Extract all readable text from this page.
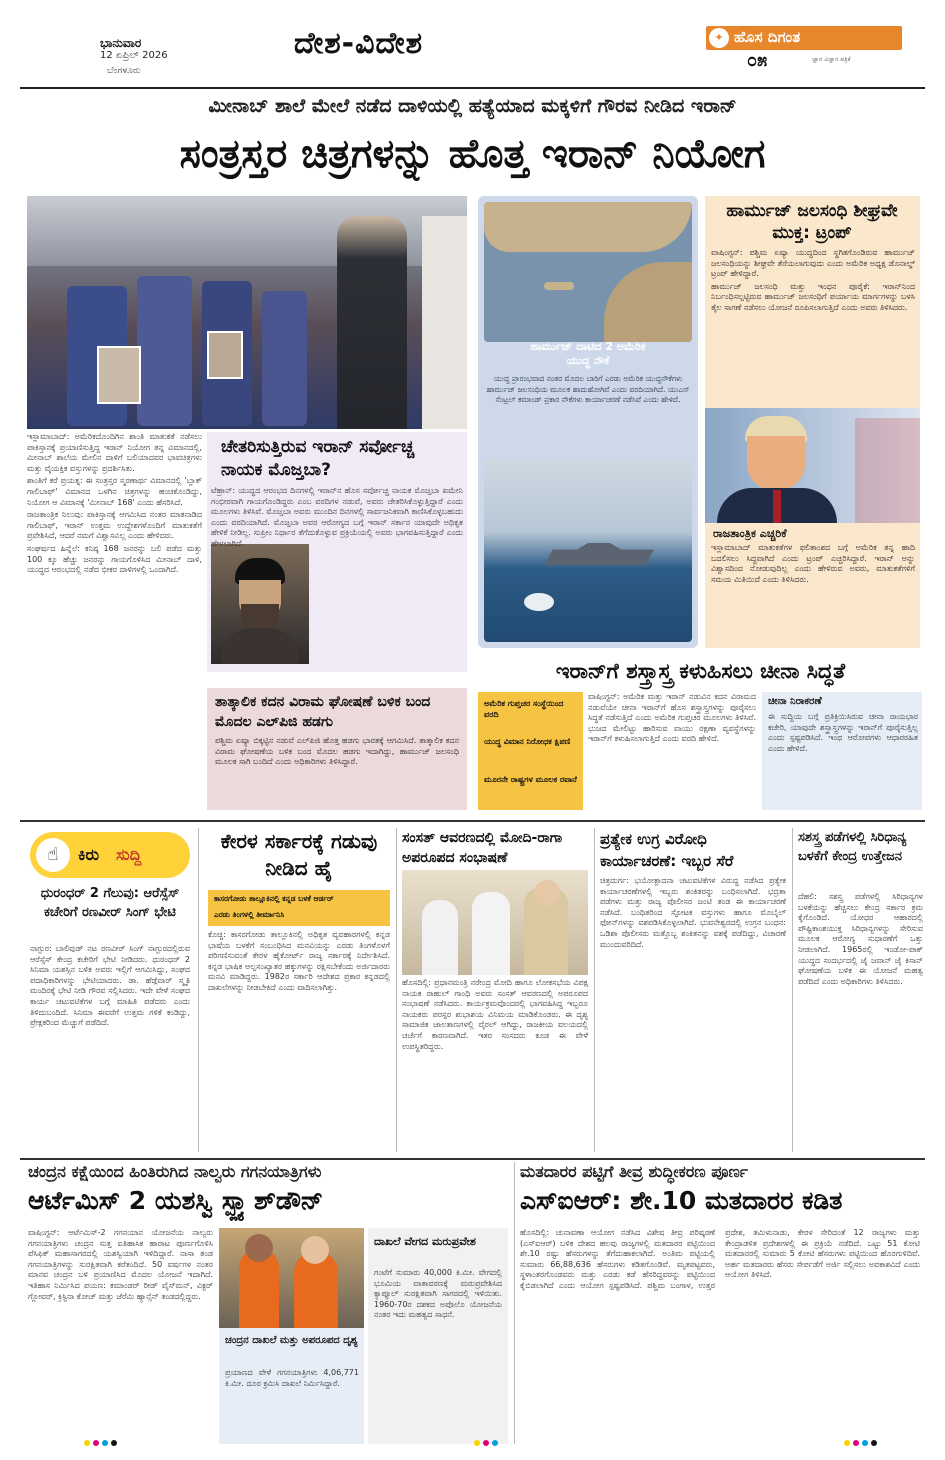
ಭಾನುವಾರ
12 ಏಪ್ರಿಲ್ 2026
ಬೆಂಗಳೂರು
ದೇಶ-ವಿದೇಶ	✦ ಹೊಸ ದಿಗಂತ
ಜ್ಞಾನ ವಿಜ್ಞಾನ ಪತ್ರಿಕೆ
೦೫
ಮೀನಾಬ್ ಶಾಲೆ ಮೇಲೆ ನಡೆದ ದಾಳಿಯಲ್ಲಿ ಹತ್ಯೆಯಾದ ಮಕ್ಕಳಿಗೆ ಗೌರವ ನೀಡಿದ ಇರಾನ್
ಸಂತ್ರಸ್ತರ ಚಿತ್ರಗಳನ್ನು ಹೊತ್ತ ಇರಾನ್ ನಿಯೋಗ

ಇಸ್ಲಾಮಾಬಾದ್: ಅಮೆರಿಕದೊಂದಿಗಿನ ಶಾಂತಿ ಮಾತುಕತೆ ನಡೆಸಲು ಪಾಕಿಸ್ತಾನಕ್ಕೆ ಪ್ರಯಾಣಿಸುತ್ತಿದ್ದ ಇರಾನ್ ನಿಯೋಗ ತನ್ನ ವಿಮಾನದಲ್ಲಿ, ಮೀನಾಬ್ ಶಾಲೆಯ ಮೇಲಿನ ದಾಳಿಗೆ ಬಲಿಯಾದವರ ಭಾವಚಿತ್ರಗಳು ಮತ್ತು ವೈಯಕ್ತಿಕ ವಸ್ತುಗಳನ್ನು ಪ್ರದರ್ಶಿಸಿತು.

ಶಾಂತಿಗೆ ಕರೆ ಪ್ರಯತ್ನ: ಈ ಸಂತ್ರಸ್ತರ ಸ್ಮರಣಾರ್ಥ ವಿಮಾನದಲ್ಲಿ 'ಬ್ಲಾಕ್ ಗಾಲಿಬಾಫ್' ವಿಮಾನದ ಒಳಗಿನ ಚಿತ್ರಗಳನ್ನು ಹಂಚಿಕೊಂಡಿದ್ದು, ನಿಯೋಗ ಆ ವಿಮಾನಕ್ಕೆ 'ಮೀನಾಬ್ 168' ಎಂದು ಹೆಸರಿಸಿದೆ.

ರಾಜತಾಂತ್ರಿಕ ನಿಲುವು: ಪಾಕಿಸ್ತಾನಕ್ಕೆ ಆಗಮಿಸಿದ ನಂತರ ಮಾತನಾಡಿದ ಗಾಲಿಬಾಫ್, ಇರಾನ್ ಉತ್ತಮ ಉದ್ದೇಶಗಳೊಂದಿಗೆ ಮಾತುಕತೆಗೆ ಪ್ರವೇಶಿಸಿದೆ, ಆದರೆ ನಮಗೆ ವಿಶ್ವಾಸವಿಲ್ಲ ಎಂದು ಹೇಳಿದರು.

ಸಂಘರ್ಷದ ಹಿನ್ನೆಲೆ: ಕನಿಷ್ಠ 168 ಜನರನ್ನು ಬಲಿ ಪಡೆದ ಮತ್ತು 100 ಕ್ಕೂ ಹೆಚ್ಚು ಜನರನ್ನು ಗಾಯಗೊಳಿಸಿದ ಮೀನಾಬ್ ದಾಳಿ, ಯುದ್ಧದ ಆರಂಭದಲ್ಲಿ ನಡೆದ ಭೀಕರ ದಾಳಿಗಳಲ್ಲಿ ಒಂದಾಗಿದೆ.

ಚೇತರಿಸುತ್ತಿರುವ ಇರಾನ್ ಸರ್ವೋಚ್ಚ ನಾಯಕ ಮೊಜ್ತಬಾ?
ಟೆಹ್ರಾನ್: ಯುದ್ಧದ ಆರಂಭದ ದಿನಗಳಲ್ಲಿ ಇರಾನ್‌ನ ಹೊಸ ಸರ್ವೋಚ್ಚ ನಾಯಕ ಮೊಜ್ತಬಾ ಖಮೇನಿ ಗಂಭೀರವಾಗಿ ಗಾಯಗೊಂಡಿದ್ದರು ಎಂಬ ವರದಿಗಳ ನಡುವೆ, ಅವರು ಚೇತರಿಸಿಕೊಳ್ಳುತ್ತಿದ್ದಾರೆ ಎಂದು ಮೂಲಗಳು ತಿಳಿಸಿವೆ. ಮೊಜ್ತಬಾ ಅವರು ಮುಂದಿನ ದಿನಗಳಲ್ಲಿ ಸಾರ್ವಜನಿಕವಾಗಿ ಕಾಣಿಸಿಕೊಳ್ಳಬಹುದು ಎಂದು ವರದಿಯಾಗಿದೆ. ಮೊಜ್ತಬಾ ಅವರ ಆರೋಗ್ಯದ ಬಗ್ಗೆ ಇರಾನ್ ಸರ್ಕಾರ ಯಾವುದೇ ಅಧಿಕೃತ ಹೇಳಿಕೆ ನೀಡಿಲ್ಲ. ಸುಪ್ರೀಂ ನಿರ್ಧಾರ ತೆಗೆದುಕೊಳ್ಳುವ ಪ್ರಕ್ರಿಯೆಯಲ್ಲಿ ಅವರು ಭಾಗವಹಿಸುತ್ತಿದ್ದಾರೆ ಎಂದು ಹೇಳಲಾಗಿದೆ.
ತಾತ್ಕಾಲಿಕ ಕದನ ವಿರಾಮ ಘೋಷಣೆ ಬಳಿಕ ಬಂದ ಮೊದಲ ಎಲ್‌ಪಿಜಿ ಹಡಗು
ಪಶ್ಚಿಮ ಏಷ್ಯಾ ಬಿಕ್ಕಟ್ಟಿನ ನಡುವೆ ಎಲ್‌ಪಿಜಿ ಹೊತ್ತ ಹಡಗು ಭಾರತಕ್ಕೆ ಆಗಮಿಸಿದೆ. ತಾತ್ಕಾಲಿಕ ಕದನ ವಿರಾಮ ಘೋಷಣೆಯ ಬಳಿಕ ಬಂದ ಮೊದಲ ಹಡಗು ಇದಾಗಿದ್ದು, ಹಾರ್ಮುಜ್ ಜಲಸಂಧಿ ಮೂಲಕ ಸಾಗಿ ಬಂದಿದೆ ಎಂದು ಅಧಿಕಾರಿಗಳು ತಿಳಿಸಿದ್ದಾರೆ.
ಹಾರ್ಮುಜ್ ದಾಟಿದ 2 ಅಮೆರಿಕ ಯುದ್ಧ ನೌಕೆ
ಯುದ್ಧ ಪ್ರಾರಂಭವಾದ ನಂತರ ಮೊದಲ ಬಾರಿಗೆ ಎರಡು ಅಮೆರಿಕ ಯುದ್ಧನೌಕೆಗಳು ಹಾರ್ಮುಜ್ ಜಲಸಂಧಿಯ ಮೂಲಕ ಹಾದುಹೋಗಿವೆ ಎಂದು ವರದಿಯಾಗಿದೆ. ಯುಎಸ್ ಸೆಂಟ್ರಲ್ ಕಮಾಂಡ್ ಪ್ರಕಾರ ನೌಕೆಗಳು ಕಾರ್ಯಾಚರಣೆ ನಡೆಸಿವೆ ಎಂದು ಹೇಳಿದೆ.
ಹಾರ್ಮುಜ್ ಜಲಸಂಧಿ ಶೀಘ್ರವೇ ಮುಕ್ತ: ಟ್ರಂಪ್

ವಾಷಿಂಗ್ಟನ್: ಪಶ್ಚಿಮ ಏಷ್ಯಾ ಯುದ್ಧದಿಂದ ಸ್ಥಗಿತಗೊಂಡಿರುವ ಹಾರ್ಮುಜ್ ಜಲಸಂಧಿಯನ್ನು ಶೀಘ್ರವೇ ತೆರೆಯಲಾಗುವುದು ಎಂದು ಅಮೆರಿಕ ಅಧ್ಯಕ್ಷ ಡೊನಾಲ್ಡ್ ಟ್ರಂಪ್ ಹೇಳಿದ್ದಾರೆ.

ಹಾರ್ಮುಜ್ ಜಲಸಂಧಿ ಮತ್ತು ಇಂಧನ ಪೂರೈಕೆ: ಇರಾನ್‌ನಿಂದ ನಿರ್ಬಂಧಿಸಲ್ಪಟ್ಟಿರುವ ಹಾರ್ಮುಜ್ ಜಲಸಂಧಿಗೆ ಪರ್ಯಾಯ ಮಾರ್ಗಗಳನ್ನು ಬಳಸಿ ತೈಲ ಸಾಗಣೆ ನಡೆಸಲು ಯೋಜನೆ ರೂಪಿಸಲಾಗುತ್ತಿದೆ ಎಂದು ಅವರು ತಿಳಿಸಿದರು.

ರಾಜತಾಂತ್ರಿಕ ಎಚ್ಚರಿಕೆ
ಇಸ್ಲಾಮಾಬಾದ್ ಮಾತುಕತೆಗಳ ಫಲಿತಾಂಶದ ಬಗ್ಗೆ ಅಮೆರಿಕ ತನ್ನ ಹಾದಿ ಬದಲಿಸಲು ಸಿದ್ಧವಾಗಿದೆ ಎಂದು ಟ್ರಂಪ್ ಎಚ್ಚರಿಸಿದ್ದಾರೆ. ಇರಾನ್ ಅನ್ನು ವಿಶ್ವಾಸದಿಂದ ನೋಡುವುದಿಲ್ಲ ಎಂದು ಹೇಳಿರುವ ಅವರು, ಮಾತುಕತೆಗಳಿಗೆ ಸಮಯ ಮಿತಿಯಿದೆ ಎಂದು ತಿಳಿಸಿದರು.
ಇರಾನ್‌ಗೆ ಶಸ್ತ್ರಾಸ್ತ್ರ ಕಳುಹಿಸಲು ಚೀನಾ ಸಿದ್ಧತೆ
ಅಮೆರಿಕ ಗುಪ್ತಚರ ಸಂಸ್ಥೆಯಿಂದ ವರದಿ
ಯುದ್ಧ ವಿಮಾನ ನಿರೋಧಕ ಕ್ಷಿಪಣಿ
ಮೂರನೇ ರಾಷ್ಟ್ರಗಳ ಮೂಲಕ ರವಾನೆ
ವಾಷಿಂಗ್ಟನ್: ಅಮೆರಿಕ ಮತ್ತು ಇರಾನ್ ನಡುವಿನ ಕದನ ವಿರಾಮದ ನಡುವೆಯೇ ಚೀನಾ ಇರಾನ್‌ಗೆ ಹೊಸ ಶಸ್ತ್ರಾಸ್ತ್ರಗಳನ್ನು ಪೂರೈಸಲು ಸಿದ್ಧತೆ ನಡೆಸುತ್ತಿದೆ ಎಂದು ಅಮೆರಿಕ ಗುಪ್ತಚರ ಮೂಲಗಳು ತಿಳಿಸಿವೆ. ಭುಜದ ಮೇಲಿಟ್ಟು ಹಾರಿಸುವ ವಾಯು ರಕ್ಷಣಾ ವ್ಯವಸ್ಥೆಗಳನ್ನು ಇರಾನ್‌ಗೆ ಕಳುಹಿಸಲಾಗುತ್ತಿದೆ ಎಂದು ವರದಿ ಹೇಳಿದೆ.
ಚೀನಾ ನಿರಾಕರಣೆ
ಈ ಸುದ್ದಿಯ ಬಗ್ಗೆ ಪ್ರತಿಕ್ರಿಯಿಸಿರುವ ಚೀನಾ ರಾಯಭಾರ ಕಚೇರಿ, ಯಾವುದೇ ಶಸ್ತ್ರಾಸ್ತ್ರಗಳನ್ನು ಇರಾನ್‌ಗೆ ಪೂರೈಸುತ್ತಿಲ್ಲ ಎಂದು ಸ್ಪಷ್ಟಪಡಿಸಿದೆ. ಇಂಥ ಆರೋಪಗಳು ಆಧಾರರಹಿತ ಎಂದು ಹೇಳಿದೆ.
☝	ಕಿರು ಸುದ್ದಿ
ಧುರಂಧರ್ 2 ಗೆಲುವು: ಆರೆಸ್ಸೆಸ್ ಕಚೇರಿಗೆ ರಣವೀರ್ ಸಿಂಗ್ ಭೇಟಿ
ನಾಗ್ಪುರ: ಬಾಲಿವುಡ್ ನಟ ರಣವೀರ್ ಸಿಂಗ್ ನಾಗ್ಪುರದಲ್ಲಿರುವ ಆರೆಸ್ಸೆಸ್ ಕೇಂದ್ರ ಕಚೇರಿಗೆ ಭೇಟಿ ನೀಡಿದರು. ಧುರಂಧರ್ 2 ಸಿನಿಮಾ ಯಶಸ್ಸಿನ ಬಳಿಕ ಅವರು ಇಲ್ಲಿಗೆ ಆಗಮಿಸಿದ್ದು, ಸಂಘದ ಪದಾಧಿಕಾರಿಗಳನ್ನು ಭೇಟಿಯಾದರು. ಡಾ. ಹೆಡ್ಗೆವಾರ್ ಸ್ಮೃತಿ ಮಂದಿರಕ್ಕೆ ಭೇಟಿ ನೀಡಿ ಗೌರವ ಸಲ್ಲಿಸಿದರು. ಇದೇ ವೇಳೆ ಸಂಘದ ಕಾರ್ಯ ಚಟುವಟಿಕೆಗಳ ಬಗ್ಗೆ ಮಾಹಿತಿ ಪಡೆದರು ಎಂದು ತಿಳಿದುಬಂದಿದೆ. ಸಿನಿಮಾ ಈವರೆಗೆ ಉತ್ತಮ ಗಳಿಕೆ ಕಂಡಿದ್ದು, ಪ್ರೇಕ್ಷಕರಿಂದ ಮೆಚ್ಚುಗೆ ಪಡೆದಿದೆ.
ಕೇರಳ ಸರ್ಕಾರಕ್ಕೆ ಗಡುವು ನೀಡಿದ ಹೈ
ಕಾಸರಗೋಡು ತಾಲ್ಲೂಕಿನಲ್ಲಿ ಕನ್ನಡ ಬಳಕೆ ಆರ್ಡರ್
ಎರಡು ತಿಂಗಳಲ್ಲಿ ತೀರ್ಮಾನಿಸಿ
ಕೊಚ್ಚಿ: ಕಾಸರಗೋಡು ತಾಲ್ಲೂಕಿನಲ್ಲಿ ಅಧಿಕೃತ ವ್ಯವಹಾರಗಳಲ್ಲಿ ಕನ್ನಡ ಭಾಷೆಯ ಬಳಕೆಗೆ ಸಂಬಂಧಿಸಿದ ಮನವಿಯನ್ನು ಎರಡು ತಿಂಗಳೊಳಗೆ ಪರಿಗಣಿಸುವಂತೆ ಕೇರಳ ಹೈಕೋರ್ಟ್ ರಾಜ್ಯ ಸರ್ಕಾರಕ್ಕೆ ನಿರ್ದೇಶಿಸಿದೆ. ಕನ್ನಡ ಭಾಷಿಕ ಅಲ್ಪಸಂಖ್ಯಾತರ ಹಕ್ಕುಗಳನ್ನು ರಕ್ಷಿಸಬೇಕೆಂದು ಅರ್ಜಿದಾರರು ಮನವಿ ಮಾಡಿದ್ದರು. 1982ರ ಸರ್ಕಾರಿ ಆದೇಶದ ಪ್ರಕಾರ ಕನ್ನಡದಲ್ಲಿ ದಾಖಲೆಗಳನ್ನು ನೀಡಬೇಕಿದೆ ಎಂದು ವಾದಿಸಲಾಗಿತ್ತು.
ಸಂಸತ್ ಆವರಣದಲ್ಲಿ ಮೋದಿ-ರಾಗಾ ಅಪರೂಪದ ಸಂಭಾಷಣೆ
ಹೊಸದಿಲ್ಲಿ: ಪ್ರಧಾನಮಂತ್ರಿ ನರೇಂದ್ರ ಮೋದಿ ಹಾಗೂ ಲೋಕಸಭೆಯ ವಿಪಕ್ಷ ನಾಯಕ ರಾಹುಲ್ ಗಾಂಧಿ ಅವರು ಸಂಸತ್ ಆವರಣದಲ್ಲಿ ಅಪರೂಪದ ಸಂಭಾಷಣೆ ನಡೆಸಿದರು. ಕಾರ್ಯಕ್ರಮವೊಂದರಲ್ಲಿ ಭಾಗವಹಿಸಿದ್ದ ಇಬ್ಬರೂ ನಾಯಕರು ಪರಸ್ಪರ ಶುಭಾಶಯ ವಿನಿಮಯ ಮಾಡಿಕೊಂಡರು. ಈ ದೃಶ್ಯ ಸಾಮಾಜಿಕ ಜಾಲತಾಣಗಳಲ್ಲಿ ವೈರಲ್ ಆಗಿದ್ದು, ರಾಜಕೀಯ ವಲಯದಲ್ಲಿ ಚರ್ಚೆಗೆ ಕಾರಣವಾಗಿದೆ. ಇತರ ಸಂಸದರು ಕೂಡ ಈ ವೇಳೆ ಉಪಸ್ಥಿತರಿದ್ದರು.
ಪ್ರತ್ಯೇಕ ಉಗ್ರ ವಿರೋಧಿ ಕಾರ್ಯಾಚರಣೆ: ಇಬ್ಬರ ಸೆರೆ
ಚಿತ್ರದುರ್ಗ: ಭಯೋತ್ಪಾದನಾ ಚಟುವಟಿಕೆಗಳ ವಿರುದ್ಧ ನಡೆಸಿದ ಪ್ರತ್ಯೇಕ ಕಾರ್ಯಾಚರಣೆಗಳಲ್ಲಿ ಇಬ್ಬರು ಶಂಕಿತರನ್ನು ಬಂಧಿಸಲಾಗಿದೆ. ಭದ್ರತಾ ಪಡೆಗಳು ಮತ್ತು ರಾಜ್ಯ ಪೊಲೀಸರ ಜಂಟಿ ತಂಡ ಈ ಕಾರ್ಯಾಚರಣೆ ನಡೆಸಿದೆ. ಬಂಧಿತರಿಂದ ಸ್ಫೋಟಕ ವಸ್ತುಗಳು ಹಾಗೂ ಮೊಬೈಲ್ ಫೋನ್‌ಗಳನ್ನು ವಶಪಡಿಸಿಕೊಳ್ಳಲಾಗಿದೆ. ಭುವನೇಶ್ವರದಲ್ಲಿ ಉಗ್ರನ ಬಂಧನ: ಒಡಿಶಾ ಪೊಲೀಸರು ಮತ್ತೊಬ್ಬ ಶಂಕಿತನನ್ನು ವಶಕ್ಕೆ ಪಡೆದಿದ್ದು, ವಿಚಾರಣೆ ಮುಂದುವರಿದಿದೆ.
ಸಶಸ್ತ್ರ ಪಡೆಗಳಲ್ಲಿ ಸಿರಿಧಾನ್ಯ ಬಳಕೆಗೆ ಕೇಂದ್ರ ಉತ್ತೇಜನ
ದೆಹಲಿ: ಸಶಸ್ತ್ರ ಪಡೆಗಳಲ್ಲಿ ಸಿರಿಧಾನ್ಯಗಳ ಬಳಕೆಯನ್ನು ಹೆಚ್ಚಿಸಲು ಕೇಂದ್ರ ಸರ್ಕಾರ ಕ್ರಮ ಕೈಗೊಂಡಿದೆ. ಯೋಧರ ಆಹಾರದಲ್ಲಿ ಪೌಷ್ಟಿಕಾಂಶಯುಕ್ತ ಸಿರಿಧಾನ್ಯಗಳನ್ನು ಸೇರಿಸುವ ಮೂಲಕ ಆರೋಗ್ಯ ಸುಧಾರಣೆಗೆ ಒತ್ತು ನೀಡಲಾಗಿದೆ. 1965ರಲ್ಲಿ ಇಂಡೋ-ಪಾಕ್ ಯುದ್ಧದ ಸಂದರ್ಭದಲ್ಲಿ ಜೈ ಜವಾನ್ ಜೈ ಕಿಸಾನ್ ಘೋಷಣೆಯ ಬಳಿಕ ಈ ಯೋಜನೆ ಮಹತ್ವ ಪಡೆದಿದೆ ಎಂದು ಅಧಿಕಾರಿಗಳು ತಿಳಿಸಿದರು.
ಚಂದ್ರನ ಕಕ್ಷೆಯಿಂದ ಹಿಂತಿರುಗಿದ ನಾಲ್ವರು ಗಗನಯಾತ್ರಿಗಳು
ಆರ್ಟೆಮಿಸ್ 2 ಯಶಸ್ವಿ ಸ್ಪ್ಲ್ಯಾಶ್‌ಡೌನ್
ವಾಷಿಂಗ್ಟನ್: ಆರ್ಟೆಮಿಸ್-2 ಗಗನಯಾನ ಯೋಜನೆಯ ನಾಲ್ವರು ಗಗನಯಾತ್ರಿಗಳು ಚಂದ್ರನ ಸುತ್ತ ಐತಿಹಾಸಿಕ ಹಾರಾಟ ಪೂರ್ಣಗೊಳಿಸಿ ಪೆಸಿಫಿಕ್ ಮಹಾಸಾಗರದಲ್ಲಿ ಯಶಸ್ವಿಯಾಗಿ ಇಳಿದಿದ್ದಾರೆ. ನಾಸಾ ತಂಡ ಗಗನಯಾತ್ರಿಗಳನ್ನು ಸುರಕ್ಷಿತವಾಗಿ ಕರೆತಂದಿದೆ. 50 ವರ್ಷಗಳ ನಂತರ ಮಾನವ ಚಂದ್ರನ ಬಳಿ ಪ್ರಯಾಣಿಸಿದ ಮೊದಲ ಯೋಜನೆ ಇದಾಗಿದೆ. ಇತಿಹಾಸ ನಿರ್ಮಿಸಿದ ಪಯಣ: ಕಮಾಂಡರ್ ರೀಡ್ ವೈಸ್‌ಮನ್, ವಿಕ್ಟರ್ ಗ್ಲೋವರ್, ಕ್ರಿಸ್ಟಿನಾ ಕೋಚ್ ಮತ್ತು ಜೆರೆಮಿ ಹ್ಯಾನ್ಸೆನ್ ತಂಡದಲ್ಲಿದ್ದರು.
ಚಂದ್ರನ ದಾಖಲೆ ಮತ್ತು ಅಪರೂಪದ ದೃಶ್ಯ
ಪ್ರಯಾಣದ ವೇಳೆ ಗಗನಯಾತ್ರಿಗಳು 4,06,771 ಕಿ.ಮೀ. ದೂರ ಕ್ರಮಿಸಿ ದಾಖಲೆ ನಿರ್ಮಿಸಿದ್ದಾರೆ.
ದಾಖಲೆ ವೇಗದ ಮರುಪ್ರವೇಶ
ಗಂಟೆಗೆ ಸುಮಾರು 40,000 ಕಿ.ಮೀ. ವೇಗದಲ್ಲಿ ಭೂಮಿಯ ವಾತಾವರಣಕ್ಕೆ ಮರುಪ್ರವೇಶಿಸಿದ ಕ್ಯಾಪ್ಸೂಲ್ ಸುರಕ್ಷಿತವಾಗಿ ಸಾಗರದಲ್ಲಿ ಇಳಿಯಿತು. 1960-70ರ ದಶಕದ ಅಪೊಲೊ ಯೋಜನೆಯ ನಂತರ ಇದು ಮಹತ್ವದ ಸಾಧನೆ.
ಮತದಾರರ ಪಟ್ಟಿಗೆ ತೀವ್ರ ಶುದ್ಧೀಕರಣ ಪೂರ್ಣ
ಎಸ್‌ಐಆರ್: ಶೇ.10 ಮತದಾರರ ಕಡಿತ
ಹೊಸದಿಲ್ಲಿ: ಚುನಾವಣಾ ಆಯೋಗ ನಡೆಸಿದ ವಿಶೇಷ ತೀವ್ರ ಪರಿಷ್ಕರಣೆ (ಎಸ್‌ಐಆರ್) ಬಳಿಕ ದೇಶದ ಹಲವು ರಾಜ್ಯಗಳಲ್ಲಿ ಮತದಾರರ ಪಟ್ಟಿಯಿಂದ ಶೇ.10 ರಷ್ಟು ಹೆಸರುಗಳನ್ನು ತೆಗೆದುಹಾಕಲಾಗಿದೆ. ಅಂತಿಮ ಪಟ್ಟಿಯಲ್ಲಿ ಸುಮಾರು 66,88,636 ಹೆಸರುಗಳು ಕಡಿತಗೊಂಡಿವೆ. ಮೃತಪಟ್ಟವರು, ಸ್ಥಳಾಂತರಗೊಂಡವರು ಮತ್ತು ಎರಡು ಕಡೆ ಹೆಸರಿದ್ದವರನ್ನು ಪಟ್ಟಿಯಿಂದ ಕೈಬಿಡಲಾಗಿದೆ ಎಂದು ಆಯೋಗ ಸ್ಪಷ್ಟಪಡಿಸಿದೆ. ಪಶ್ಚಿಮ ಬಂಗಾಳ, ಉತ್ತರ ಪ್ರದೇಶ, ತಮಿಳುನಾಡು, ಕೇರಳ ಸೇರಿದಂತೆ 12 ರಾಜ್ಯಗಳು ಮತ್ತು ಕೇಂದ್ರಾಡಳಿತ ಪ್ರದೇಶಗಳಲ್ಲಿ ಈ ಪ್ರಕ್ರಿಯೆ ನಡೆದಿದೆ. ಒಟ್ಟು 51 ಕೋಟಿ ಮತದಾರರಲ್ಲಿ ಸುಮಾರು 5 ಕೋಟಿ ಹೆಸರುಗಳು ಪಟ್ಟಿಯಿಂದ ಹೊರಗುಳಿದಿವೆ. ಅರ್ಹ ಮತದಾರರು ಹೆಸರು ಸೇರ್ಪಡೆಗೆ ಅರ್ಜಿ ಸಲ್ಲಿಸಲು ಅವಕಾಶವಿದೆ ಎಂದು ಆಯೋಗ ತಿಳಿಸಿದೆ.
